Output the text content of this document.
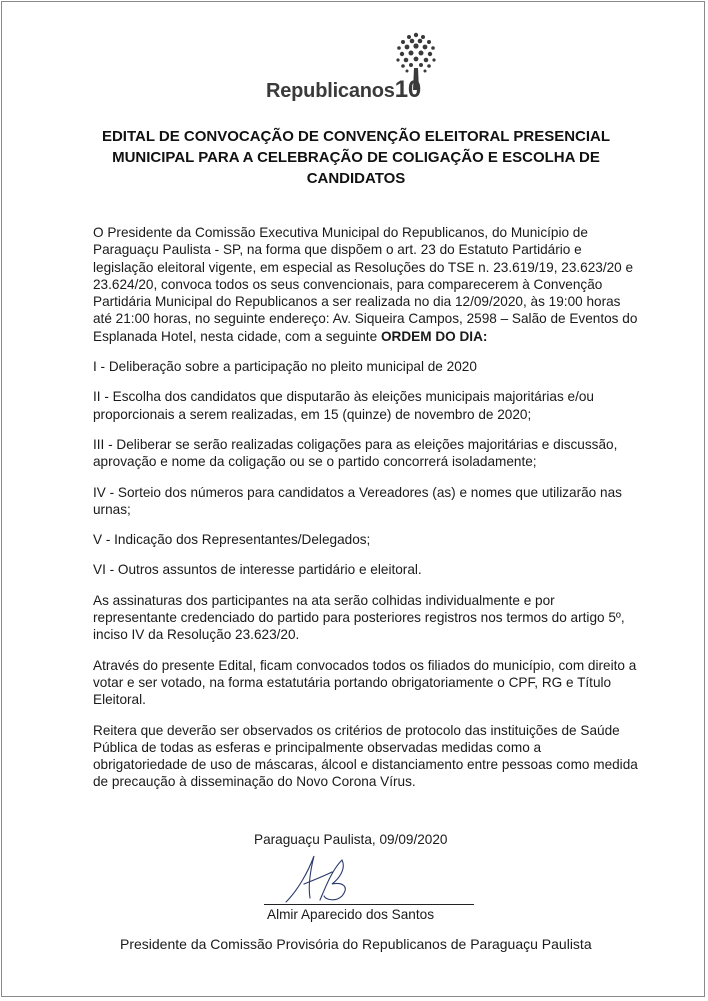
Republicanos10
EDITAL DE CONVOCAÇÃO DE CONVENÇÃO ELEITORAL PRESENCIAL MUNICIPAL PARA A CELEBRAÇÃO DE COLIGAÇÃO E ESCOLHA DE CANDIDATOS

O Presidente da Comissão Executiva Municipal do Republicanos, do Município de Paraguaçu Paulista - SP, na forma que dispõem o art. 23 do Estatuto Partidário e legislação eleitoral vigente, em especial as Resoluções do TSE n. 23.619/19, 23.623/20 e 23.624/20, convoca todos os seus convencionais, para comparecerem à Convenção Partidária Municipal do Republicanos a ser realizada no dia 12/09/2020, às 19:00 horas até 21:00 horas, no seguinte endereço: Av. Siqueira Campos, 2598 – Salão de Eventos do Esplanada Hotel, nesta cidade, com a seguinte ORDEM DO DIA:

I - Deliberação sobre a participação no pleito municipal de 2020

II - Escolha dos candidatos que disputarão às eleições municipais majoritárias e/ou proporcionais a serem realizadas, em 15 (quinze) de novembro de 2020;

III - Deliberar se serão realizadas coligações para as eleições majoritárias e discussão, aprovação e nome da coligação ou se o partido concorrerá isoladamente;

IV - Sorteio dos números para candidatos a Vereadores (as) e nomes que utilizarão nas urnas;

V - Indicação dos Representantes/Delegados;

VI - Outros assuntos de interesse partidário e eleitoral.

As assinaturas dos participantes na ata serão colhidas individualmente e por representante credenciado do partido para posteriores registros nos termos do artigo 5º, inciso IV da Resolução 23.623/20.

Através do presente Edital, ficam convocados todos os filiados do município, com direito a votar e ser votado, na forma estatutária portando obrigatoriamente o CPF, RG e Título Eleitoral.

Reitera que deverão ser observados os critérios de protocolo das instituições de Saúde Pública de todas as esferas e principalmente observadas medidas como a obrigatoriedade de uso de máscaras, álcool e distanciamento entre pessoas como medida de precaução à disseminação do Novo Corona Vírus.

Paraguaçu Paulista, 09/09/2020
Almir Aparecido dos Santos
Presidente da Comissão Provisória do Republicanos de Paraguaçu Paulista
